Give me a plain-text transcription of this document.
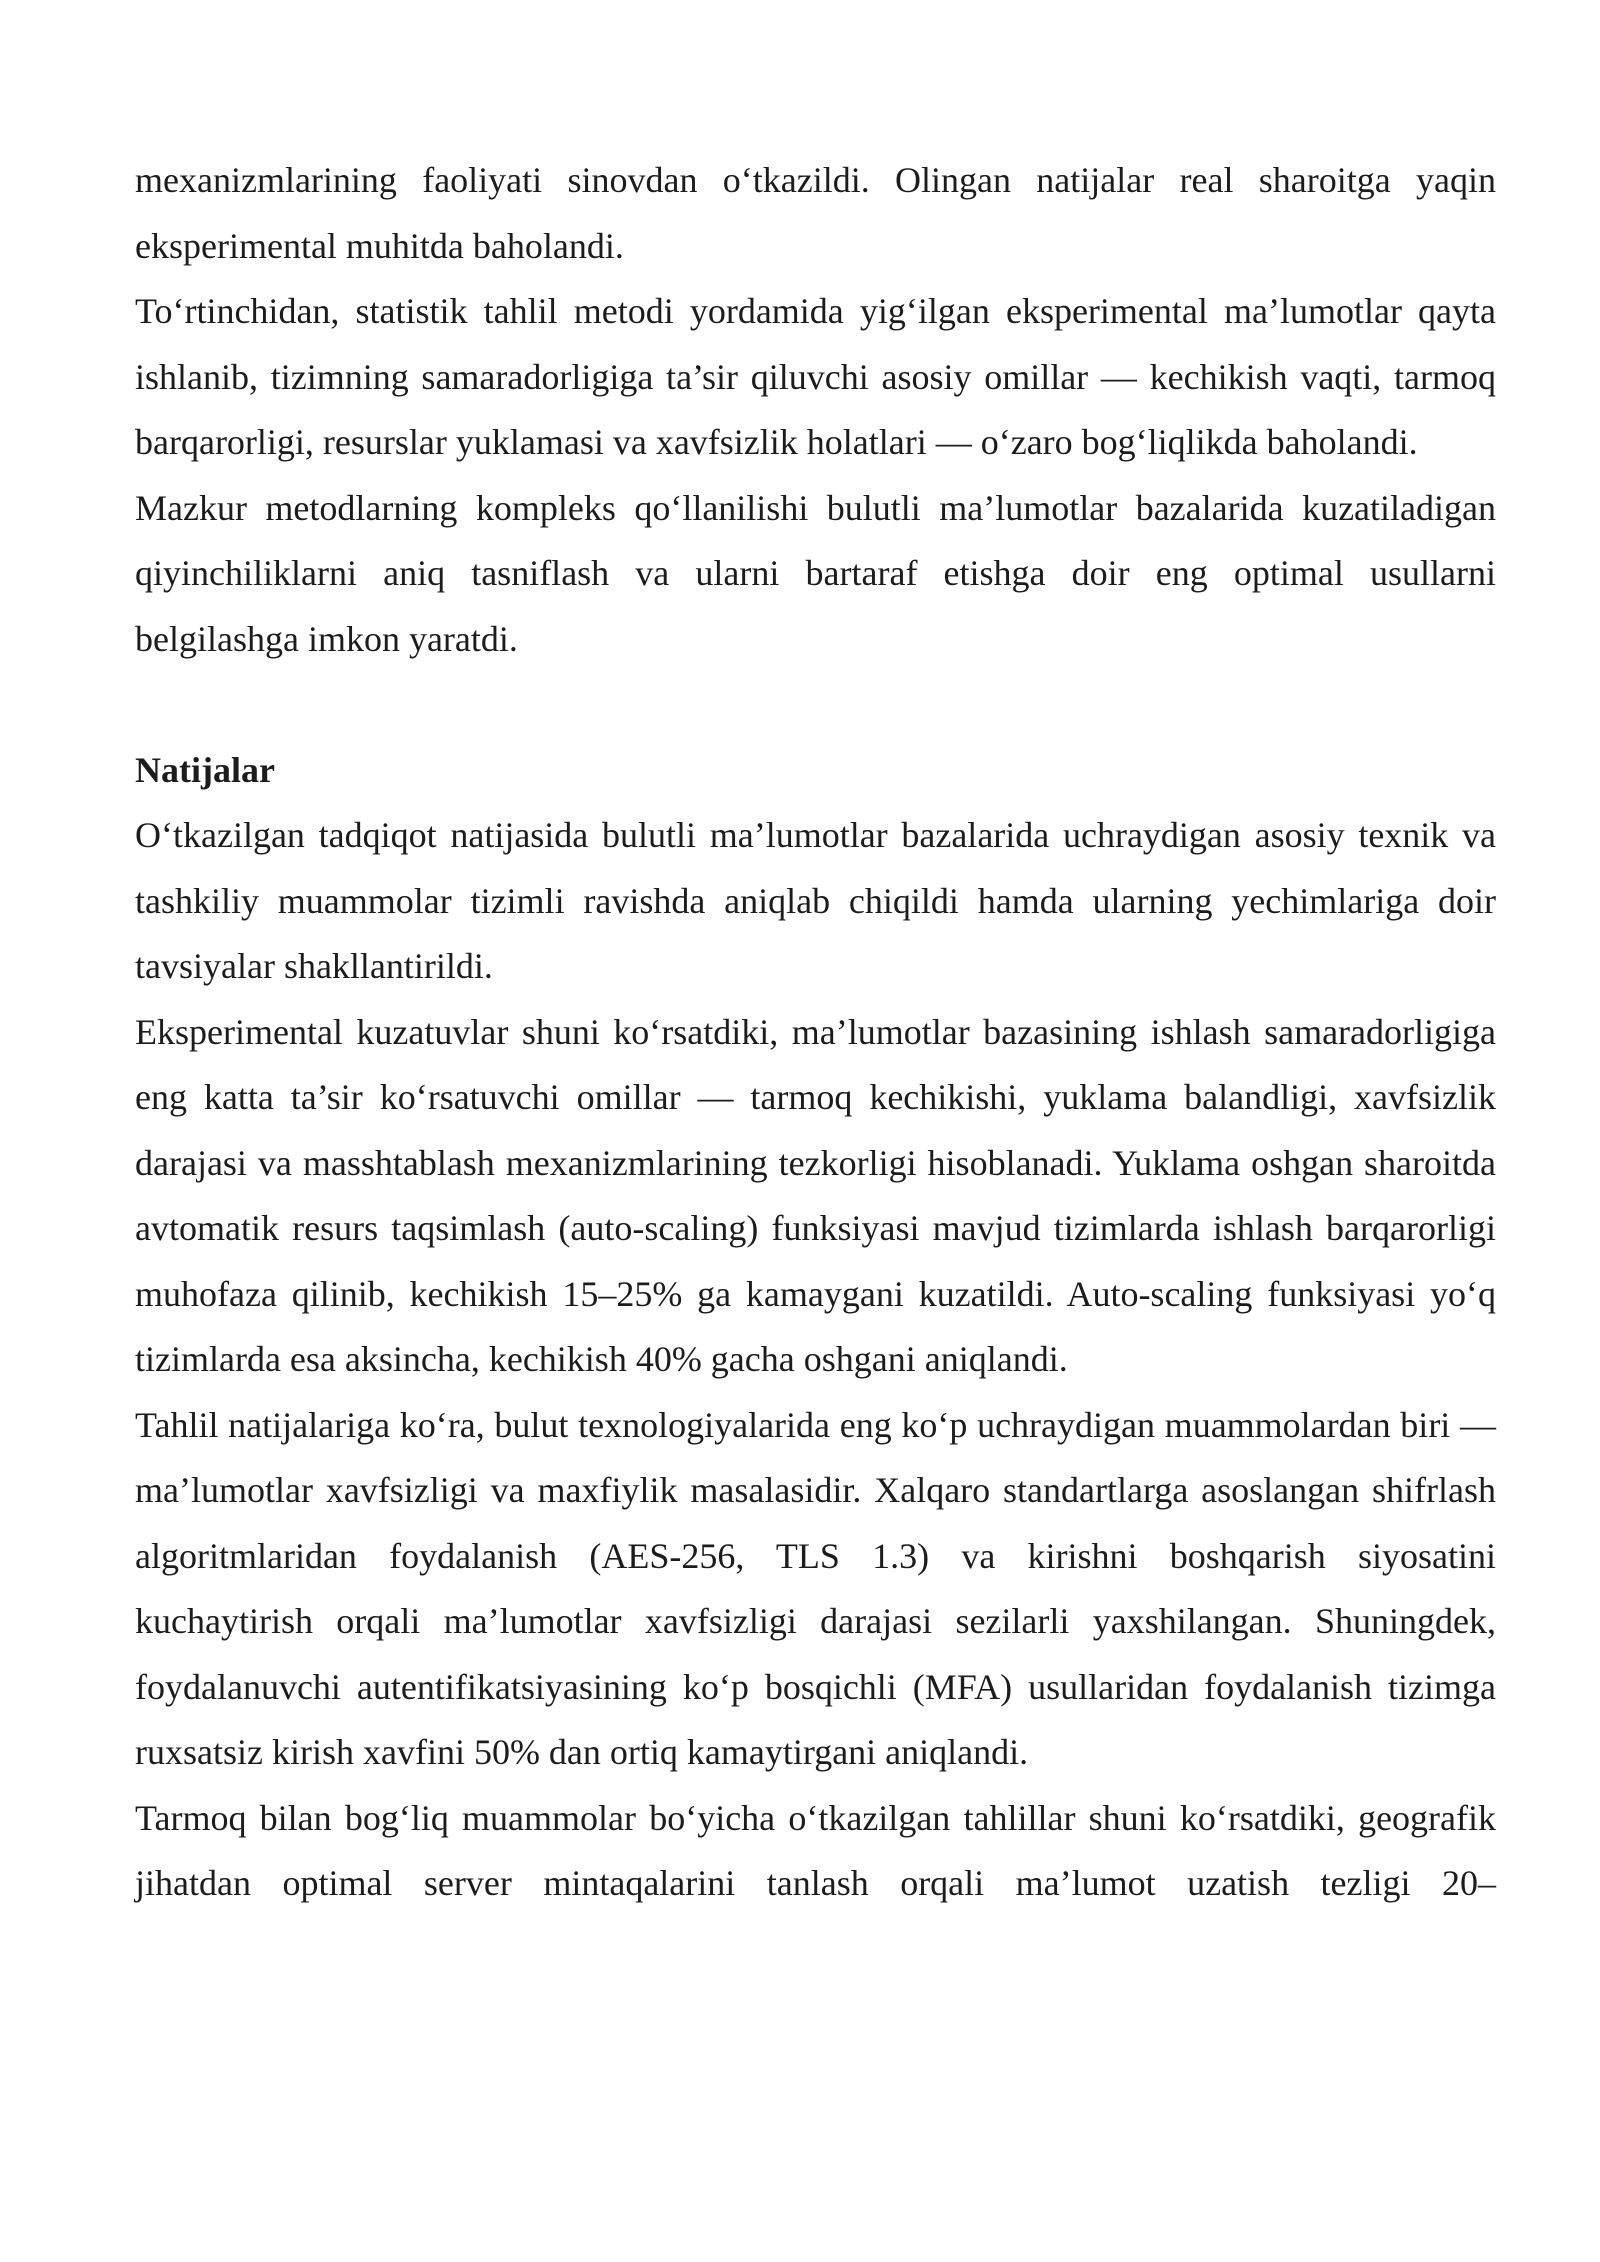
mexanizmlarining faoliyati sinovdan o‘tkazildi. Olingan natijalar real sharoitga yaqin eksperimental muhitda baholandi.

To‘rtinchidan, statistik tahlil metodi yordamida yig‘ilgan eksperimental ma’lumotlar qayta ishlanib, tizimning samaradorligiga ta’sir qiluvchi asosiy omillar — kechikish vaqti, tarmoq barqarorligi, resurslar yuklamasi va xavfsizlik holatlari — o‘zaro bog‘liqlikda baholandi.

Mazkur metodlarning kompleks qo‘llanilishi bulutli ma’lumotlar bazalarida kuzatiladigan qiyinchiliklarni aniq tasniflash va ularni bartaraf etishga doir eng optimal usullarni belgilashga imkon yaratdi.

Natijalar

O‘tkazilgan tadqiqot natijasida bulutli ma’lumotlar bazalarida uchraydigan asosiy texnik va tashkiliy muammolar tizimli ravishda aniqlab chiqildi hamda ularning yechimlariga doir tavsiyalar shakllantirildi.

Eksperimental kuzatuvlar shuni ko‘rsatdiki, ma’lumotlar bazasining ishlash samaradorligiga eng katta ta’sir ko‘rsatuvchi omillar — tarmoq kechikishi, yuklama balandligi, xavfsizlik darajasi va masshtablash mexanizmlarining tezkorligi hisoblanadi. Yuklama oshgan sharoitda avtomatik resurs taqsimlash (auto-scaling) funksiyasi mavjud tizimlarda ishlash barqarorligi muhofaza qilinib, kechikish 15–25% ga kamaygani kuzatildi. Auto-scaling funksiyasi yo‘q tizimlarda esa aksincha, kechikish 40% gacha oshgani aniqlandi.

Tahlil natijalariga ko‘ra, bulut texnologiyalarida eng ko‘p uchraydigan muammolardan biri — ma’lumotlar xavfsizligi va maxfiylik masalasidir. Xalqaro standartlarga asoslangan shifrlash algoritmlaridan foydalanish (AES-256, TLS 1.3) va kirishni boshqarish siyosatini kuchaytirish orqali ma’lumotlar xavfsizligi darajasi sezilarli yaxshilangan. Shuningdek, foydalanuvchi autentifikatsiyasining ko‘p bosqichli (MFA) usullaridan foydalanish tizimga ruxsatsiz kirish xavfini 50% dan ortiq kamaytirgani aniqlandi.

Tarmoq bilan bog‘liq muammolar bo‘yicha o‘tkazilgan tahlillar shuni ko‘rsatdiki, geografik jihatdan optimal server mintaqalarini tanlash orqali ma’lumot uzatish tezligi 20–
